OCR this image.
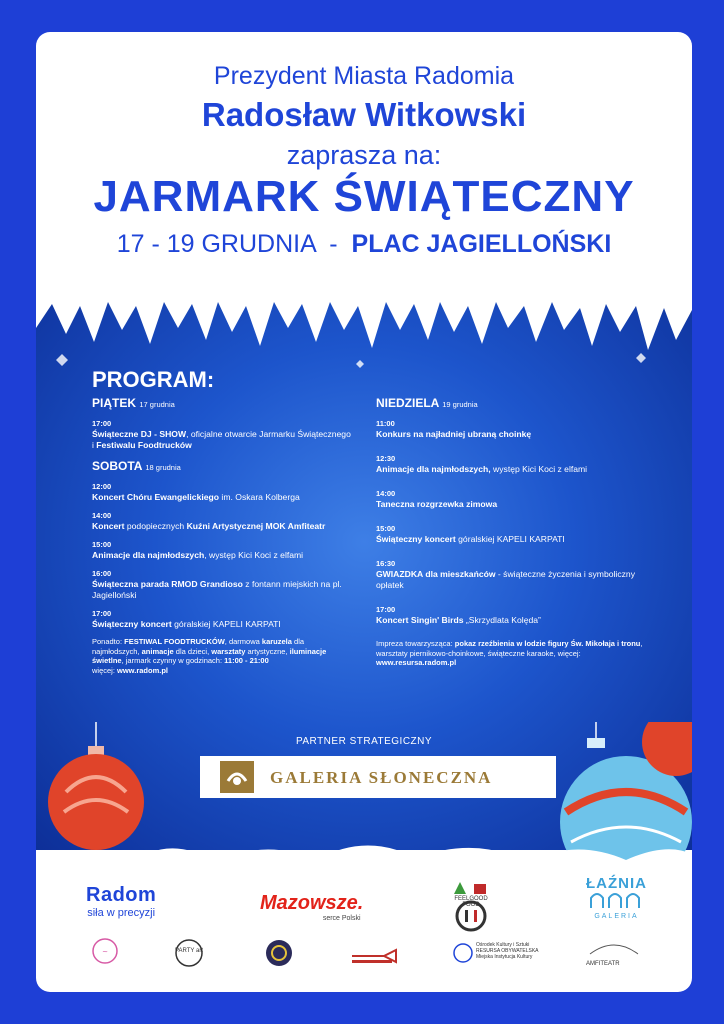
Prezydent Miasta Radomia
Radosław Witkowski
zaprasza na:
JARMARK ŚWIĄTECZNY
17 - 19 GRUDNIA - PLAC JAGIELLOŃSKI
PROGRAM:
PIĄTEK 17 grudnia
17:00
Świąteczne DJ - SHOW, oficjalne otwarcie Jarmarku Świątecznego i Festiwalu Foodtrucków
SOBOTA 18 grudnia
12:00
Koncert Chóru Ewangelickiego im. Oskara Kolberga
14:00
Koncert podopiecznych Kuźni Artystycznej MOK Amfiteatr
15:00
Animacje dla najmłodszych, występ Kici Koci z elfami
16:00
Świąteczna parada RMOD Grandioso z fontann miejskich na pl. Jagielloński
17:00
Świąteczny koncert góralskiej KAPELI KARPATI
Ponadto: FESTIWAL FOODTRUCKÓW, darmowa karuzela dla najmłodszych, animacje dla dzieci, warsztaty artystyczne, iluminacje świetlne, jarmark czynny w godzinach: 11:00 - 21:00
więcej: www.radom.pl
NIEDZIELA 19 grudnia
11:00
Konkurs na najładniej ubraną choinkę
12:30
Animacje dla najmłodszych, występ Kici Koci z elfami
14:00
Taneczna rozgrzewka zimowa
15:00
Świąteczny koncert góralskiej KAPELI KARPATI
16:30
GWIAZDKA dla mieszkańców - świąteczne życzenia i symboliczny opłatek
17:00
Koncert Singin' Birds „Skrzydlata Kolęda”
Impreza towarzysząca: pokaz rzeźbienia w lodzie figury Św. Mikołaja i tronu, warsztaty piernikowo-choinkowe, świąteczne karaoke, więcej: www.resursa.radom.pl
PARTNER STRATEGICZNY
GALERIA SŁONECZNA
Radom
siła w precyzji	Mazowsze.
serce Polski
FEELGOOD FOOD
ŁAŹNIA
GALERIA
~	PARTY art
Ośrodek Kultury i Sztuki RESURSA OBYWATELSKA Miejska Instytucja Kultury
AMFITEATR
